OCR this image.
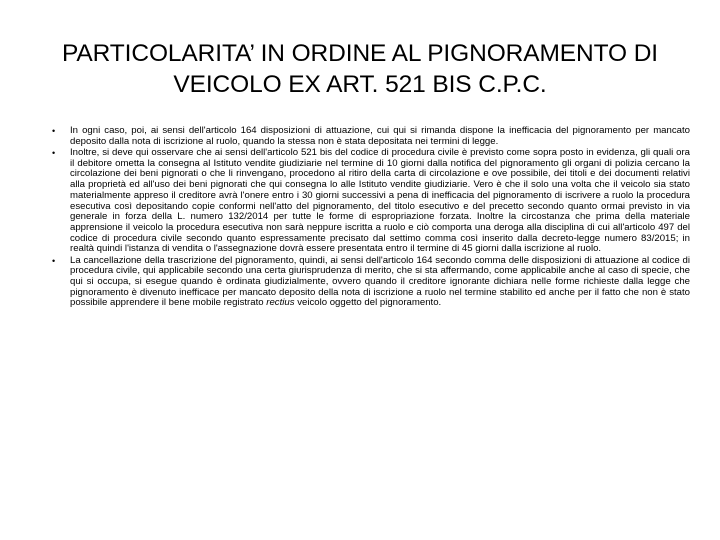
PARTICOLARITA’ IN ORDINE AL PIGNORAMENTO DI VEICOLO EX ART. 521 BIS C.P.C.
• In ogni caso, poi, ai sensi dell'articolo 164 disposizioni di attuazione, cui qui si rimanda dispone la inefficacia del pignoramento per mancato deposito dalla nota di iscrizione al ruolo, quando la stessa non è stata depositata nei termini di legge.
• Inoltre, si deve qui osservare che ai sensi dell'articolo 521 bis del codice di procedura civile è previsto come sopra posto in evidenza, gli quali ora il debitore ometta la consegna al Istituto vendite giudiziarie nel termine di 10 giorni dalla notifica del pignoramento gli organi di polizia cercano la circolazione dei beni pignorati o che li rinvengano, procedono al ritiro della carta di circolazione e ove possibile, dei titoli e dei documenti relativi alla proprietà ed all'uso dei beni pignorati che qui consegna lo alle Istituto vendite giudiziarie. Vero è che il solo una volta che il veicolo sia stato materialmente appreso il creditore avrà l'onere entro i 30 giorni successivi a pena di inefficacia del pignoramento di iscrivere a ruolo la procedura esecutiva così depositando copie conformi nell'atto del pignoramento, del titolo esecutivo e del precetto secondo quanto ormai previsto in via generale in forza della L. numero 132/2014 per tutte le forme di espropriazione forzata. Inoltre la circostanza che prima della materiale apprensione il veicolo la procedura esecutiva non sarà neppure iscritta a ruolo e ciò comporta una deroga alla disciplina di cui all'articolo 497 del codice di procedura civile secondo quanto espressamente precisato dal settimo comma così inserito dalla decreto-legge numero 83/2015; in realtà quindi l'istanza di vendita o l'assegnazione dovrà essere presentata entro il termine di 45 giorni dalla iscrizione al ruolo.
• La cancellazione della trascrizione del pignoramento, quindi, ai sensi dell'articolo 164 secondo comma delle disposizioni di attuazione al codice di procedura civile, qui applicabile secondo una certa giurisprudenza di merito, che si sta affermando, come applicabile anche al caso di specie, che qui si occupa, si esegue quando è ordinata giudizialmente, ovvero quando il creditore ignorante dichiara nelle forme richieste dalla legge che pignoramento è divenuto inefficace per mancato deposito della nota di iscrizione a ruolo nel termine stabilito ed anche per il fatto che non è stato possibile apprendere il bene mobile registrato rectius veicolo oggetto del pignoramento.
